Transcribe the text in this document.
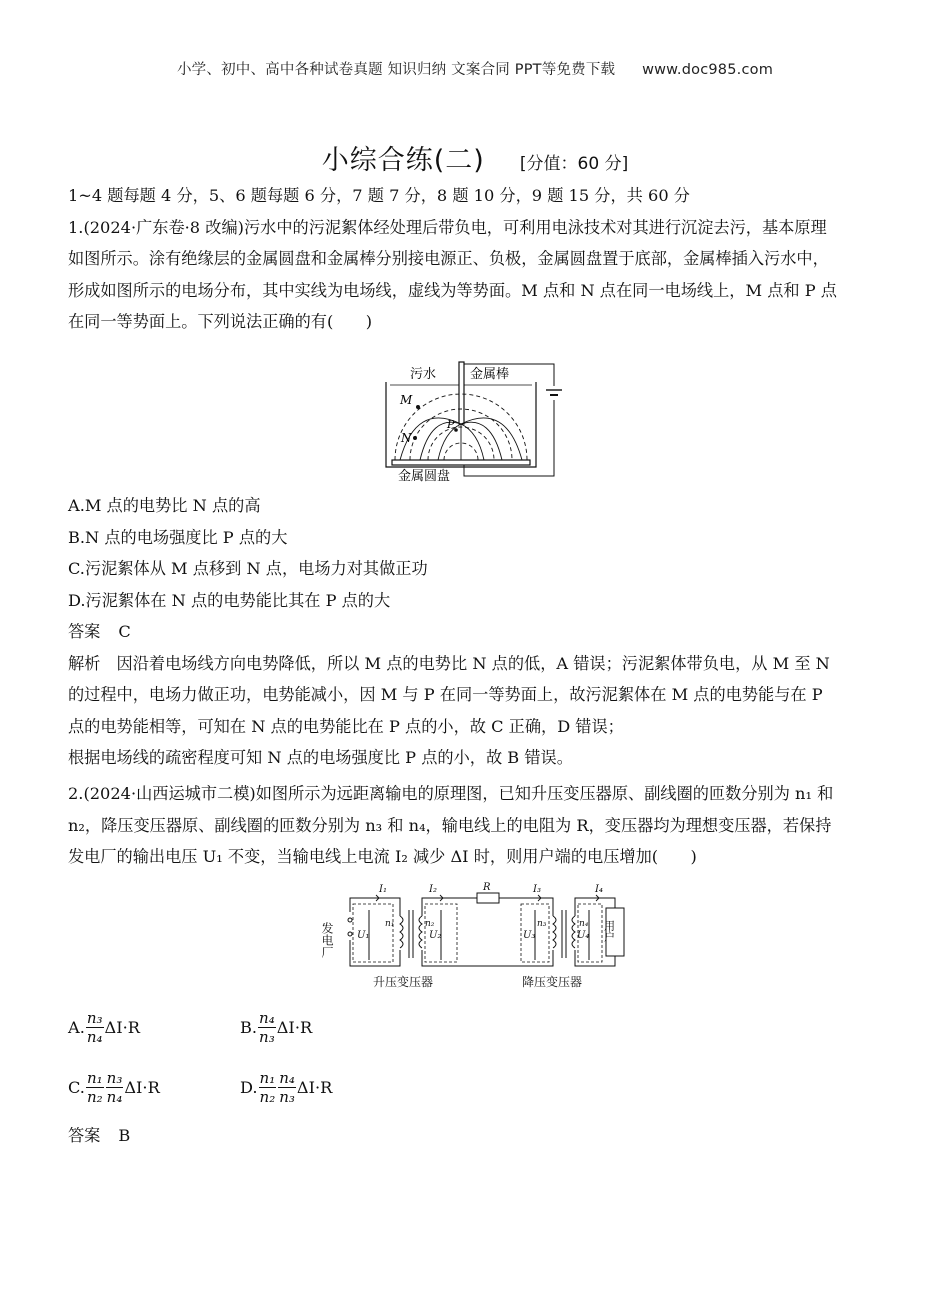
小学、初中、高中各种试卷真题 知识归纳 文案合同 PPT等免费下载 www.doc985.com
小综合练(二) [分值：60 分]

1~4 题每题 4 分，5、6 题每题 6 分，7 题 7 分，8 题 10 分，9 题 15 分，共 60 分

1.(2024·广东卷·8 改编)污水中的污泥絮体经处理后带负电，可利用电泳技术对其进行沉淀去污，基本原理

如图所示。涂有绝缘层的金属圆盘和金属棒分别接电源正、负极，金属圆盘置于底部，金属棒插入污水中，

形成如图所示的电场分布，其中实线为电场线，虚线为等势面。M 点和 N 点在同一电场线上，M 点和 P 点

在同一等势面上。下列说法正确的有(　　)

污水	金属棒
M
N
P
金属圆盘

A.M 点的电势比 N 点的高

B.N 点的电场强度比 P 点的大

C.污泥絮体从 M 点移到 N 点，电场力对其做正功

D.污泥絮体在 N 点的电势能比其在 P 点的大

答案 C

解析　因沿着电场线方向电势降低，所以 M 点的电势比 N 点的低，A 错误；污泥絮体带负电，从 M 至 N

的过程中，电场力做正功，电势能减小，因 M 与 P 在同一等势面上，故污泥絮体在 M 点的电势能与在 P

点的电势能相等，可知在 N 点的电势能比在 P 点的小，故 C 正确，D 错误；

根据电场线的疏密程度可知 N 点的电场强度比 P 点的小，故 B 错误。

2.(2024·山西运城市二模)如图所示为远距离输电的原理图，已知升压变压器原、副线圈的匝数分别为 n₁ 和

n₂，降压变压器原、副线圈的匝数分别为 n₃ 和 n₄，输电线上的电阻为 R，变压器均为理想变压器，若保持

发电厂的输出电压 U₁ 不变，当输电线上电流 I₂ 减少 ΔI 时，则用户端的电压增加(　　)

I₁	I₂	R	I₃	I₄
U₁	U₂	U₃	U₄
n₁	n₂	n₃	n₄
发电厂	用户
升压变压器	降压变压器
A. $\frac{\text{n₃}}{\text{n₄}} \Delta I\cdot R$	B. $\frac{\text{n₄}}{\text{n₃}} \Delta I\cdot R$
C. $\frac{\text{n₁}}{\text{n₂}} \frac{\text{n₃}}{\text{n₄}} \Delta I\cdot R$	D. $\frac{\text{n₁}}{\text{n₂}} \frac{\text{n₄}}{\text{n₃}} \Delta I\cdot R$

答案 B
